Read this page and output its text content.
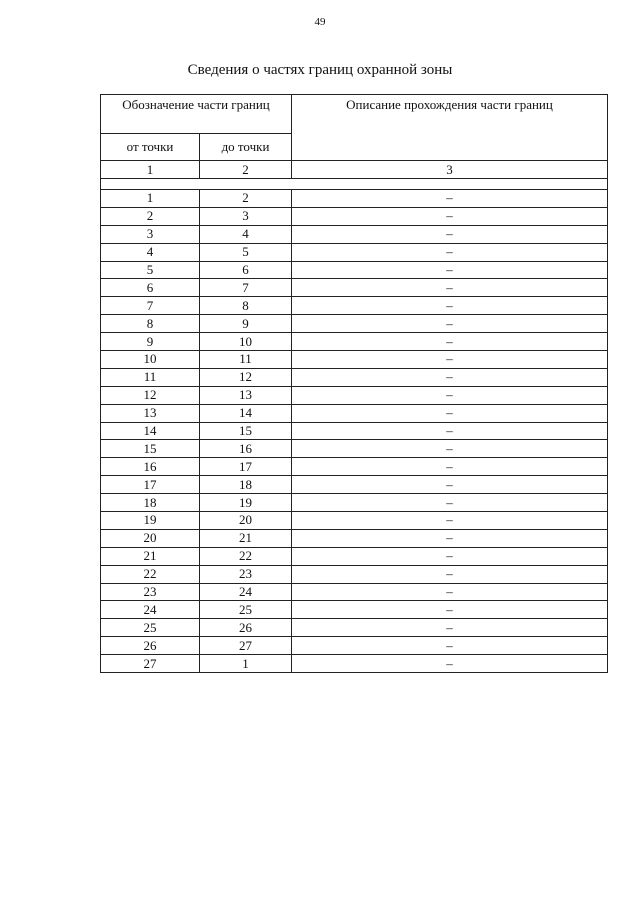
49
Сведения о частях границ охранной зоны
Обозначение части границ		Описание прохождения части границ
от точки	до точки	
1	2	3

1	2	–
2	3	–
3	4	–
4	5	–
5	6	–
6	7	–
7	8	–
8	9	–
9	10	–
10	11	–
11	12	–
12	13	–
13	14	–
14	15	–
15	16	–
16	17	–
17	18	–
18	19	–
19	20	–
20	21	–
21	22	–
22	23	–
23	24	–
24	25	–
25	26	–
26	27	–
27	1	–
